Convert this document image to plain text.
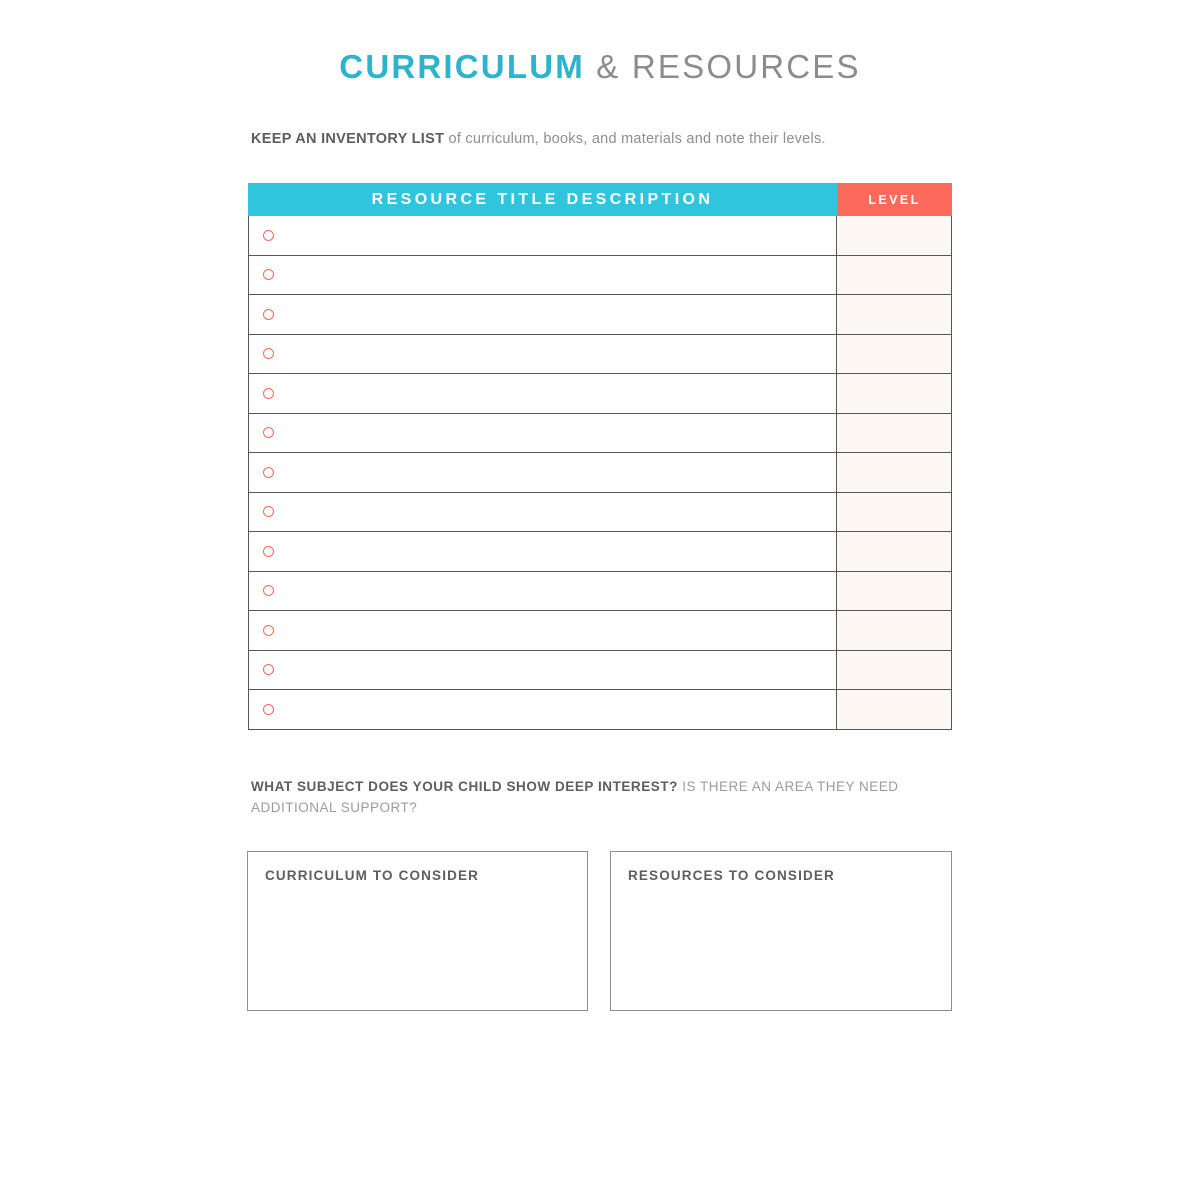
CURRICULUM & RESOURCES
KEEP AN INVENTORY LIST of curriculum, books, and materials and note their levels.
RESOURCE TITLE DESCRIPTION	LEVEL
WHAT SUBJECT DOES YOUR CHILD SHOW DEEP INTEREST? IS THERE AN AREA THEY NEED ADDITIONAL SUPPORT?
CURRICULUM TO CONSIDER	RESOURCES TO CONSIDER
